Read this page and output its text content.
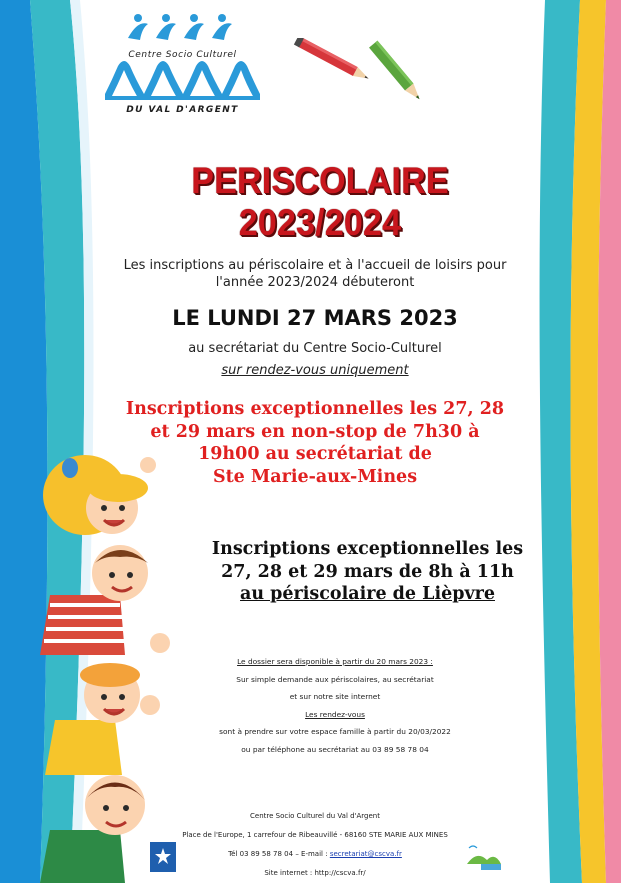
Centre Socio Culturel
DU VAL D'ARGENT
PERISCOLAIRE 2023/2024
Les inscriptions au périscolaire et à l'accueil de loisirs pour
l'année 2023/2024 débuteront
LE LUNDI 27 MARS 2023
au secrétariat du Centre Socio-Culturel
sur rendez-vous uniquement
Inscriptions exceptionnelles les 27, 28
et 29 mars en non-stop de 7h30 à
19h00 au secrétariat de
Ste Marie-aux-Mines
Inscriptions exceptionnelles les
27, 28 et 29 mars de 8h à 11h
au périscolaire de Lièpvre
Le dossier sera disponible à partir du 20 mars 2023 :
Sur simple demande aux périscolaires, au secrétariat
et sur notre site internet
Les rendez-vous
sont à prendre sur votre espace famille à partir du 20/03/2022
ou par téléphone au secrétariat au 03 89 58 78 04
Centre Socio Culturel du Val d'Argent
Place de l'Europe, 1 carrefour de Ribeauvillé - 68160 STE MARIE AUX MINES
Tél 03 89 58 78 04 – E-mail : secretariat@cscva.fr
Site internet : http://cscva.fr/
